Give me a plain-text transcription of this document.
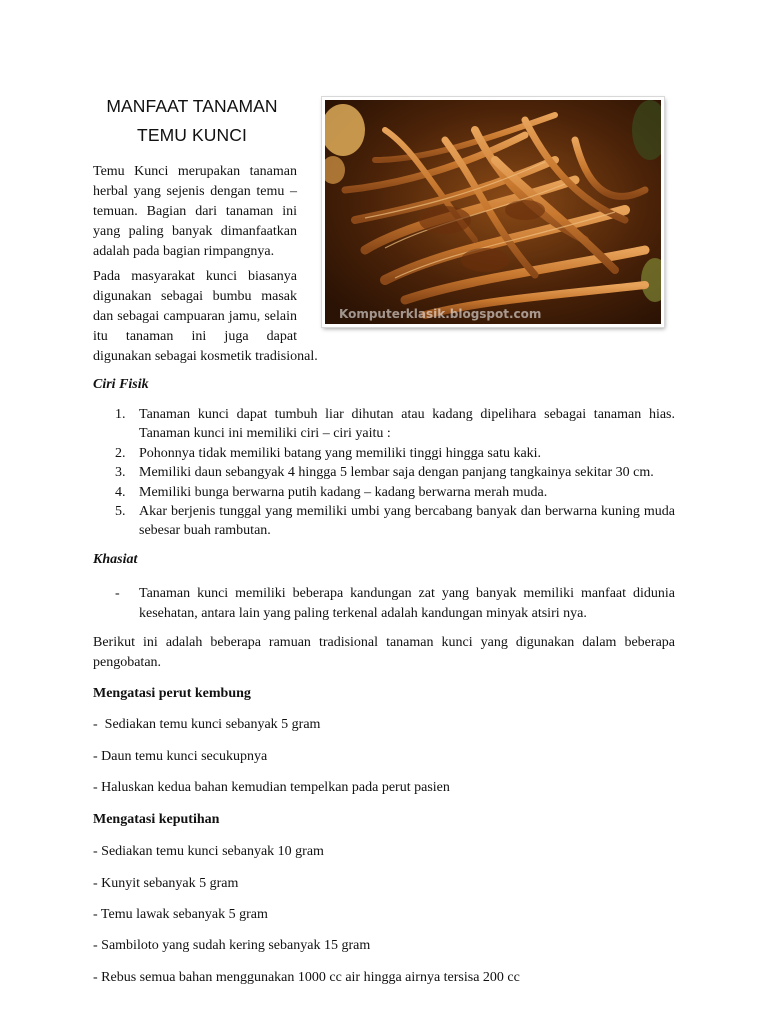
MANFAAT TANAMAN
TEMU KUNCI

Temu Kunci merupakan tanaman herbal yang sejenis dengan temu – temuan. Bagian dari tanaman ini yang paling banyak dimanfaatkan adalah pada bagian rimpangnya.

Pada masyarakat kunci biasanya
digunakan sebagai bumbu masak
dan sebagai campuaran jamu, selain
itu tanaman ini juga dapat
digunakan sebagai kosmetik tradisional.
Komputerklasik.blogspot.com

Ciri Fisik

1. Tanaman kunci dapat tumbuh liar dihutan atau kadang dipelihara sebagai tanaman hias. Tanaman kunci ini memiliki ciri – ciri yaitu :
2. Pohonnya tidak memiliki batang yang memiliki tinggi hingga satu kaki.
3. Memiliki daun sebangyak 4 hingga 5 lembar saja dengan panjang tangkainya sekitar 30 cm.
4. Memiliki bunga berwarna putih kadang – kadang berwarna merah muda.
5. Akar berjenis tunggal yang memiliki umbi yang bercabang banyak dan berwarna kuning muda sebesar buah rambutan.

Khasiat

- Tanaman kunci memiliki beberapa kandungan zat yang banyak memiliki manfaat didunia kesehatan, antara lain yang paling terkenal adalah kandungan minyak atsiri nya.

Berikut ini adalah beberapa ramuan tradisional tanaman kunci yang digunakan dalam beberapa pengobatan.

Mengatasi perut kembung

-  Sediakan temu kunci sebanyak 5 gram

- Daun temu kunci secukupnya

- Haluskan kedua bahan kemudian tempelkan pada perut pasien

Mengatasi keputihan

- Sediakan temu kunci sebanyak 10 gram

- Kunyit sebanyak 5 gram

- Temu lawak sebanyak 5 gram

- Sambiloto yang sudah kering sebanyak 15 gram

- Rebus semua bahan menggunakan 1000 cc air hingga airnya tersisa 200 cc
